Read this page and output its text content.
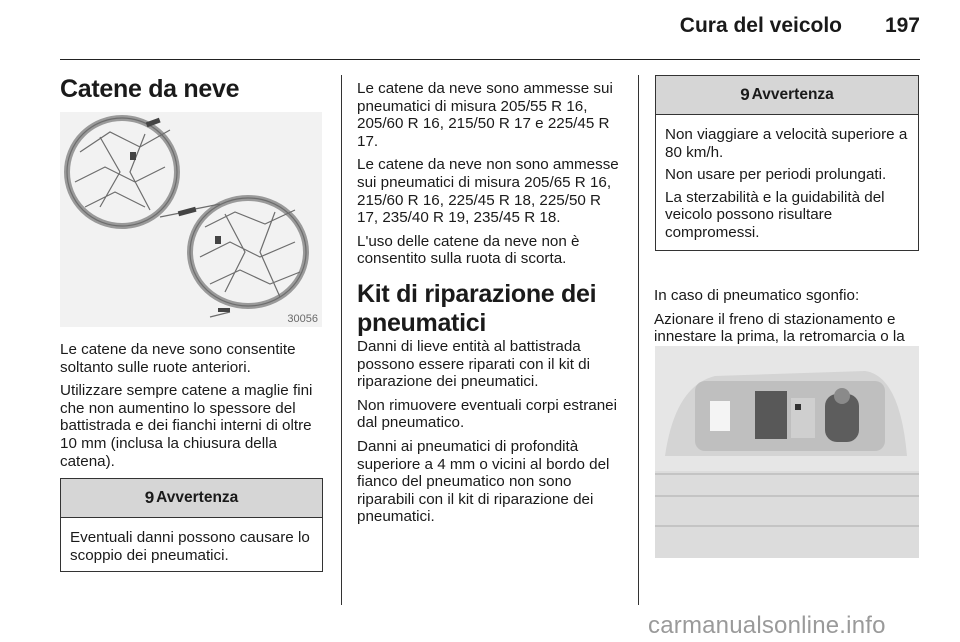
Cura del veicolo 197
Catene da neve
30056

Le catene da neve sono consentite soltanto sulle ruote anteriori.

Utilizzare sempre catene a maglie fini che non aumentino lo spessore del battistrada e dei fianchi interni di oltre 10 mm (inclusa la chiusura della catena).

9 Avvertenza

Eventuali danni possono causare lo scoppio dei pneumatici.

Le catene da neve sono ammesse sui pneumatici di misura 205/55 R 16, 205/60 R 16, 215/50 R 17 e 225/45 R 17.

Le catene da neve non sono ammesse sui pneumatici di misura 205/65 R 16, 215/60 R 16, 225/45 R 18, 225/50 R 17, 235/40 R 19, 235/45 R 18.

L'uso delle catene da neve non è consentito sulla ruota di scorta.

Kit di riparazione dei
pneumatici

Danni di lieve entità al battistrada possono essere riparati con il kit di riparazione dei pneumatici.

Non rimuovere eventuali corpi estranei dal pneumatico.

Danni ai pneumatici di profondità superiore a 4 mm o vicini al bordo del fianco del pneumatico non sono riparabili con il kit di riparazione dei pneumatici.

9 Avvertenza

Non viaggiare a velocità superiore a 80 km/h.

Non usare per periodi prolungati.

La sterzabilità e la guidabilità del veicolo possono risultare compromessi.

In caso di pneumatico sgonfio:

Azionare il freno di stazionamento e innestare la prima, la retromarcia o la

carmanualsonline.info
